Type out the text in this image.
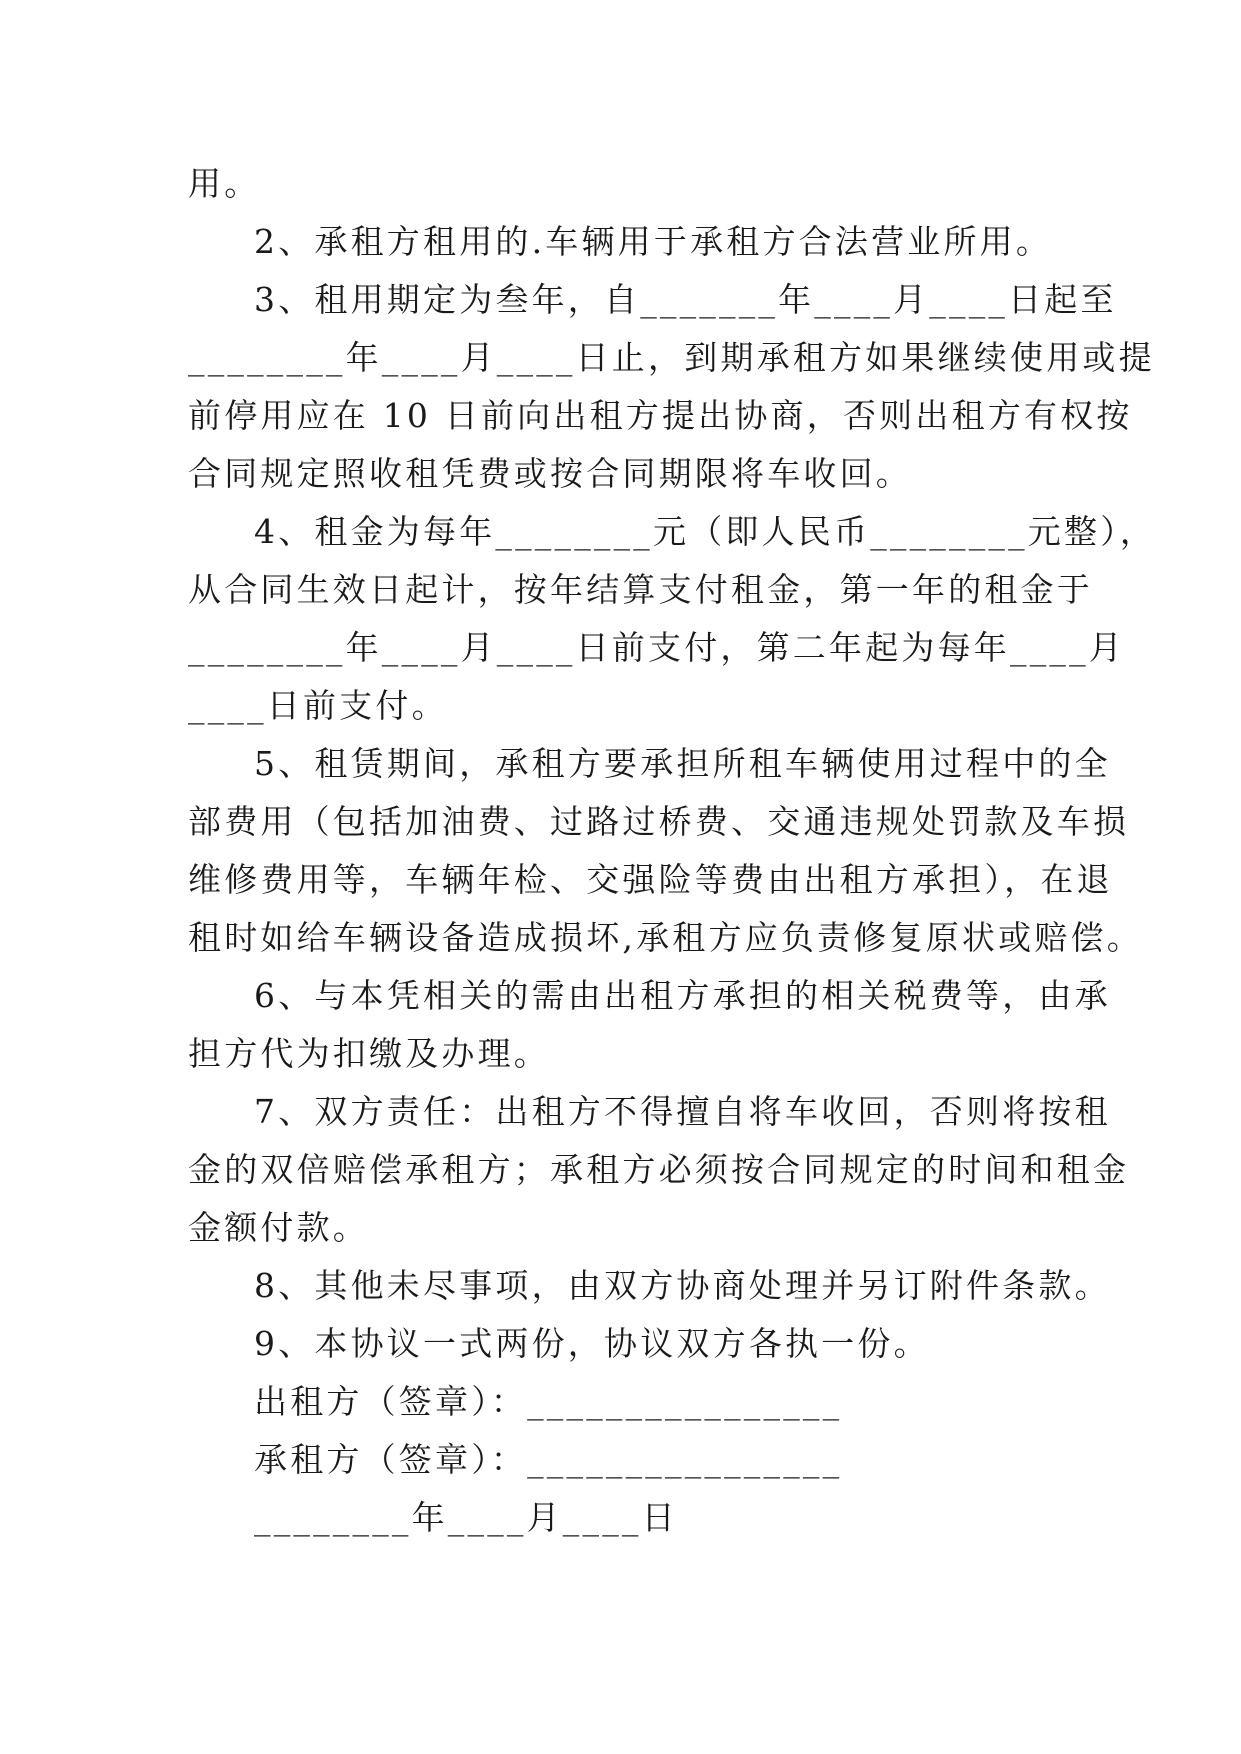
用。
2、承租方租用的.车辆用于承租方合法营业所用。
3、租用期定为叁年，自_______年____月____日起至
________年____月____日止，到期承租方如果继续使用或提
前停用应在 10 日前向出租方提出协商，否则出租方有权按
合同规定照收租凭费或按合同期限将车收回。
4、租金为每年________元（即人民币________元整），
从合同生效日起计，按年结算支付租金，第一年的租金于
________年____月____日前支付，第二年起为每年____月
____日前支付。
5、租赁期间，承租方要承担所租车辆使用过程中的全
部费用（包括加油费、过路过桥费、交通违规处罚款及车损
维修费用等，车辆年检、交强险等费由出租方承担），在退
租时如给车辆设备造成损坏,承租方应负责修复原状或赔偿。
6、与本凭相关的需由出租方承担的相关税费等，由承
担方代为扣缴及办理。
7、双方责任：出租方不得擅自将车收回，否则将按租
金的双倍赔偿承租方；承租方必须按合同规定的时间和租金
金额付款。
8、其他未尽事项，由双方协商处理并另订附件条款。
9、本协议一式两份，协议双方各执一份。
出租方（签章）：________________
承租方（签章）：________________
________年____月____日
